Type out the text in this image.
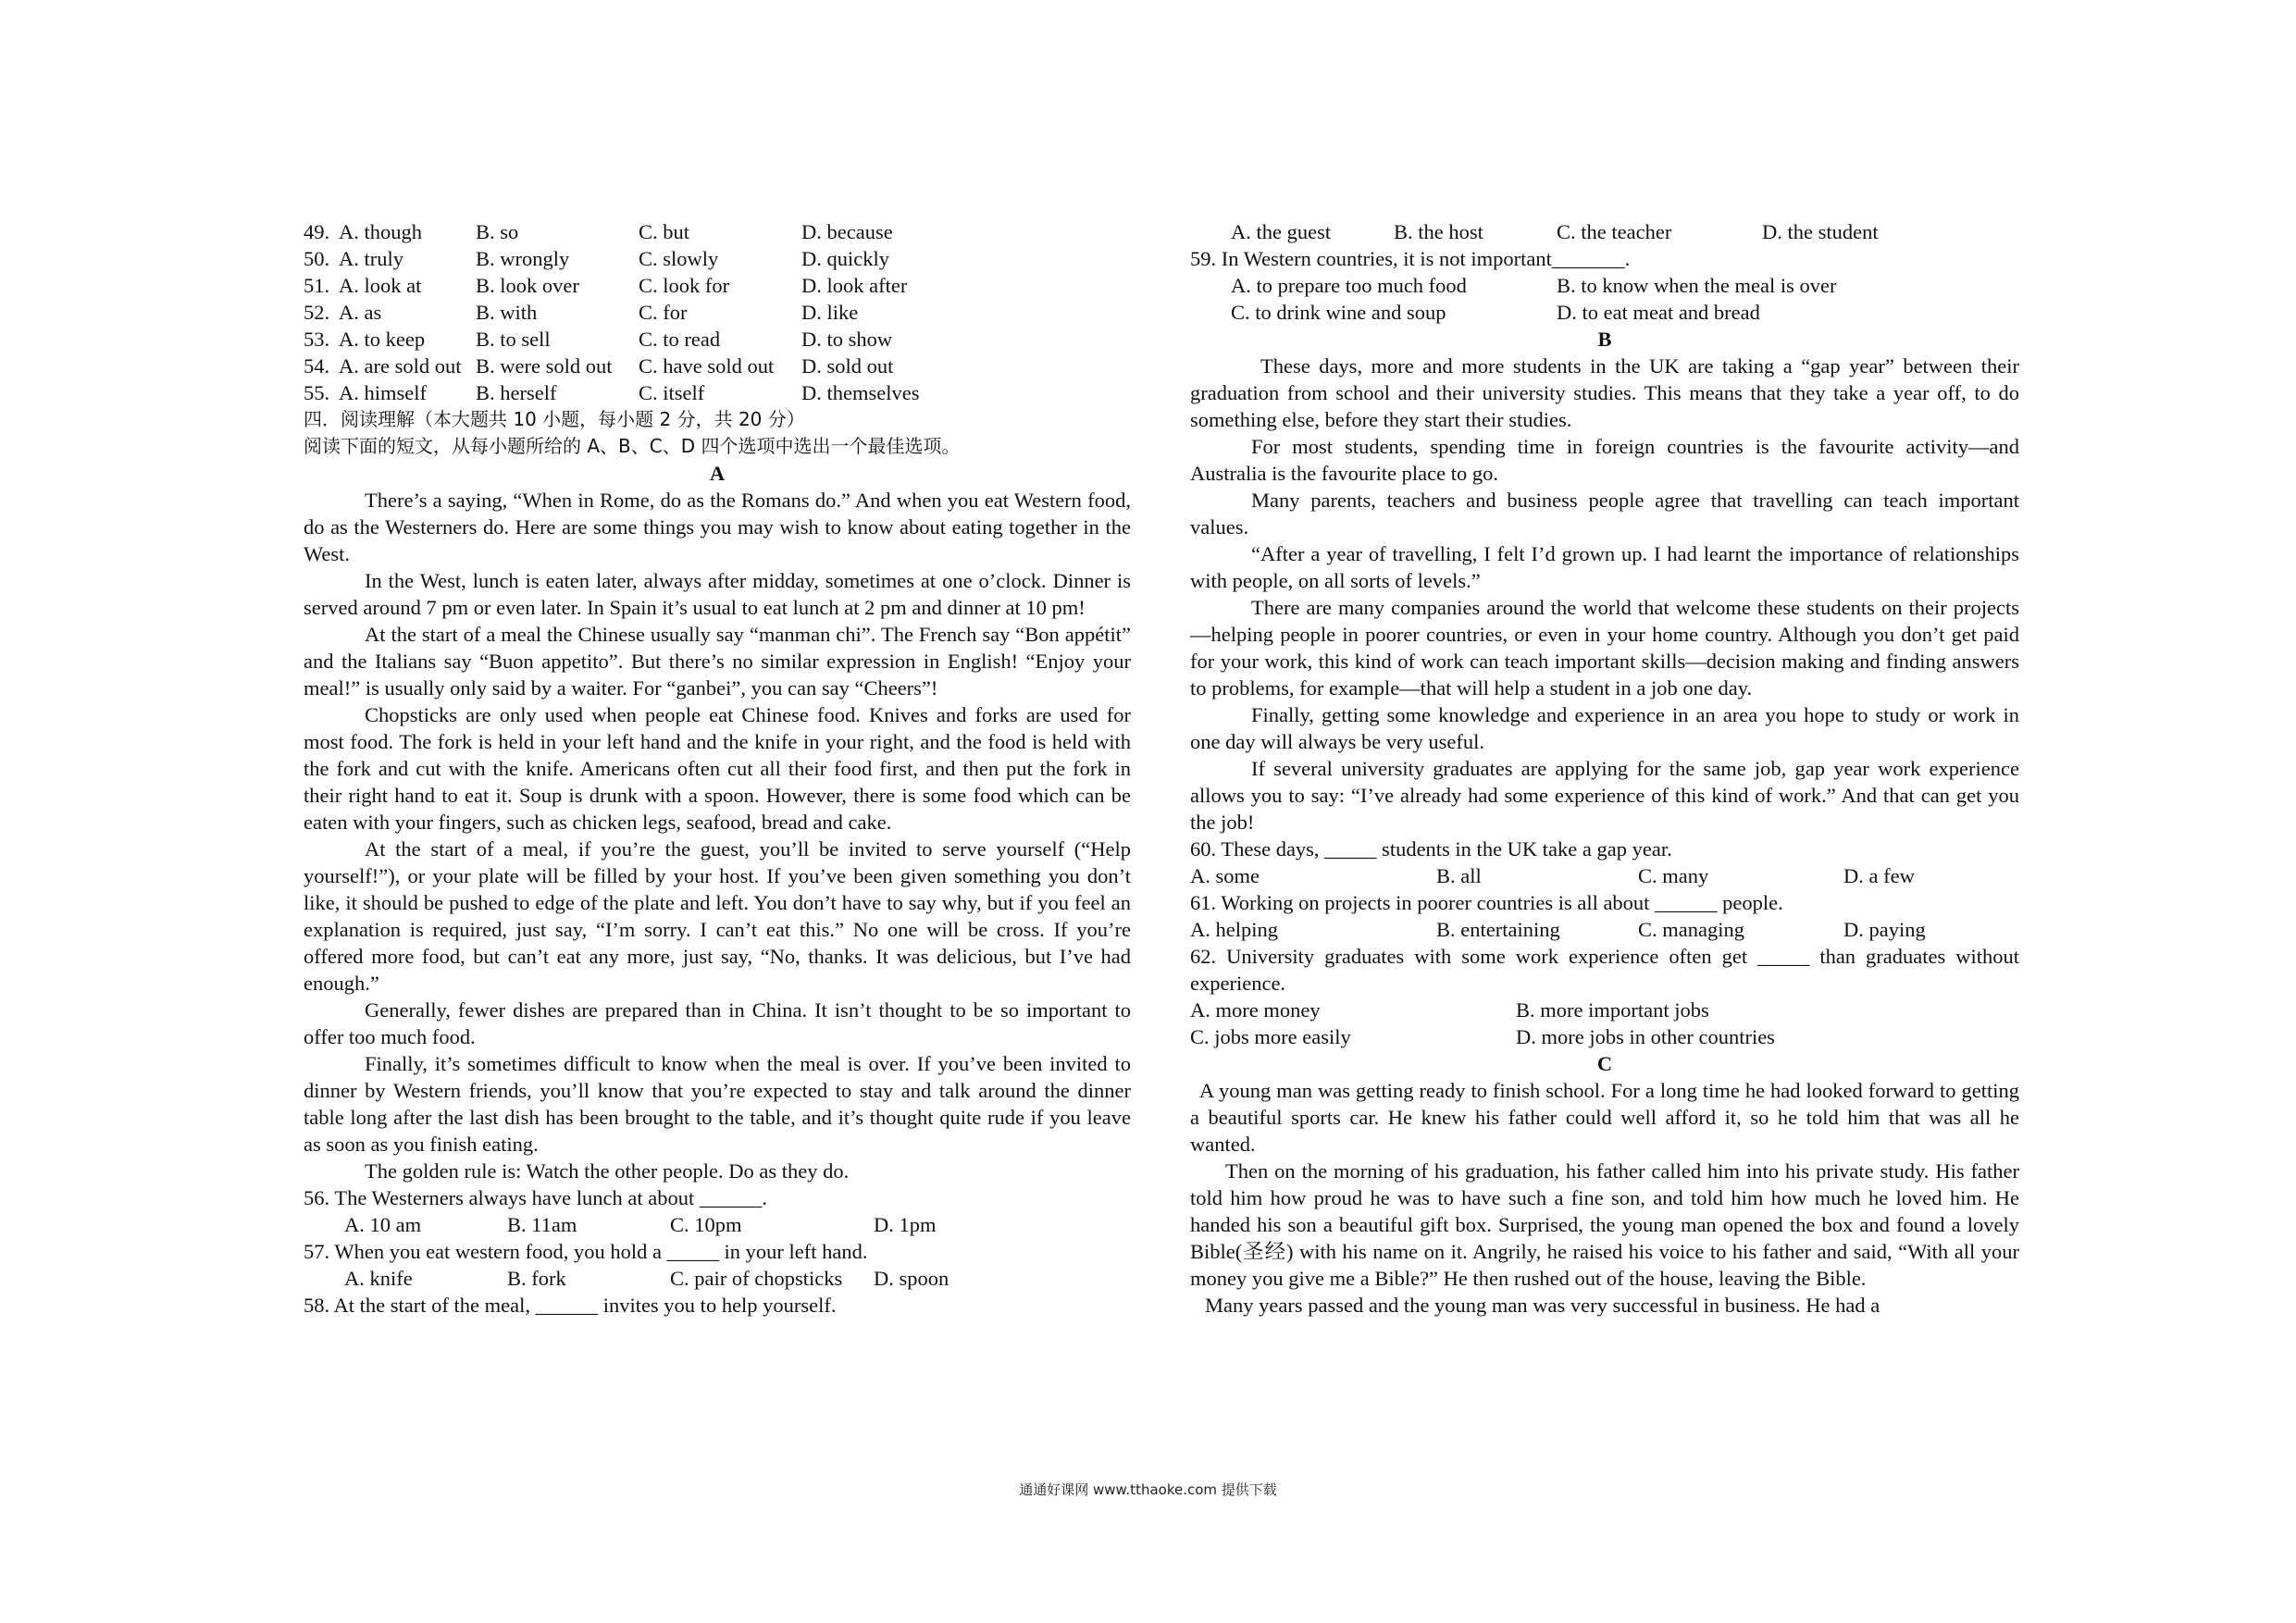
49. A. though	B. so	C. but	D. because
50. A. truly	B. wrongly	C. slowly	D. quickly
51. A. look at	B. look over	C. look for	D. look after
52. A. as	B. with	C. for	D. like
53. A. to keep	B. to sell	C. to read	D. to show
54. A. are sold out B. were sold out	C. have sold out	D. sold out
55. A. himself	B. herself	C. itself	D. themselves

四．阅读理解（本大题共 10 小题，每小题 2 分，共 20 分）

阅读下面的短文，从每小题所给的 A、B、C、D 四个选项中选出一个最佳选项。

A

There’s a saying, “When in Rome, do as the Romans do.” And when you eat Western food, do as the Westerners do. Here are some things you may wish to know about eating together in the West.

In the West, lunch is eaten later, always after midday, sometimes at one o’clock. Dinner is served around 7 pm or even later. In Spain it’s usual to eat lunch at 2 pm and dinner at 10 pm!

At the start of a meal the Chinese usually say “manman chi”. The French say “Bon appétit” and the Italians say “Buon appetito”. But there’s no similar expression in English! “Enjoy your meal!” is usually only said by a waiter. For “ganbei”, you can say “Cheers”!

Chopsticks are only used when people eat Chinese food. Knives and forks are used for most food. The fork is held in your left hand and the knife in your right, and the food is held with the fork and cut with the knife. Americans often cut all their food first, and then put the fork in their right hand to eat it. Soup is drunk with a spoon. However, there is some food which can be eaten with your fingers, such as chicken legs, seafood, bread and cake.

At the start of a meal, if you’re the guest, you’ll be invited to serve yourself (“Help yourself!”), or your plate will be filled by your host. If you’ve been given something you don’t like, it should be pushed to edge of the plate and left. You don’t have to say why, but if you feel an explanation is required, just say, “I’m sorry. I can’t eat this.” No one will be cross. If you’re offered more food, but can’t eat any more, just say, “No, thanks. It was delicious, but I’ve had enough.”

Generally, fewer dishes are prepared than in China. It isn’t thought to be so important to offer too much food.

Finally, it’s sometimes difficult to know when the meal is over. If you’ve been invited to dinner by Western friends, you’ll know that you’re expected to stay and talk around the dinner table long after the last dish has been brought to the table, and it’s thought quite rude if you leave as soon as you finish eating.

The golden rule is: Watch the other people. Do as they do.

56. The Westerners always have lunch at about ______.

A. 10 am	B. 11am	C. 10pm	D. 1pm

57. When you eat western food, you hold a _____ in your left hand.

A. knife	B. fork	C. pair of chopsticks	D. spoon

58. At the start of the meal, ______ invites you to help yourself.

A. the guest	B. the host	C. the teacher	D. the student

59. In Western countries, it is not important_______.

A. to prepare too much food	B. to know when the meal is over
C. to drink wine and soup	D. to eat meat and bread

B

These days, more and more students in the UK are taking a “gap year” between their graduation from school and their university studies. This means that they take a year off, to do something else, before they start their studies.

For most students, spending time in foreign countries is the favourite activity—and Australia is the favourite place to go.

Many parents, teachers and business people agree that travelling can teach important values.

“After a year of travelling, I felt I’d grown up. I had learnt the importance of relationships with people, on all sorts of levels.”

There are many companies around the world that welcome these students on their projects—helping people in poorer countries, or even in your home country. Although you don’t get paid for your work, this kind of work can teach important skills—decision making and finding answers to problems, for example—that will help a student in a job one day.

Finally, getting some knowledge and experience in an area you hope to study or work in one day will always be very useful.

If several university graduates are applying for the same job, gap year work experience allows you to say: “I’ve already had some experience of this kind of work.” And that can get you the job!

60. These days, _____ students in the UK take a gap year.

A. some	B. all	C. many	D. a few

61. Working on projects in poorer countries is all about ______ people.

A. helping	B. entertaining	C. managing	D. paying

62. University graduates with some work experience often get _____ than graduates without experience.

A. more money	B. more important jobs
C. jobs more easily	D. more jobs in other countries

C

A young man was getting ready to finish school. For a long time he had looked forward to getting a beautiful sports car. He knew his father could well afford it, so he told him that was all he wanted.

Then on the morning of his graduation, his father called him into his private study. His father told him how proud he was to have such a fine son, and told him how much he loved him. He handed his son a beautiful gift box. Surprised, the young man opened the box and found a lovely Bible(圣经) with his name on it. Angrily, he raised his voice to his father and said, “With all your money you give me a Bible?” He then rushed out of the house, leaving the Bible.

Many years passed and the young man was very successful in business. He had a

通通好课网 www.tthaoke.com 提供下载
